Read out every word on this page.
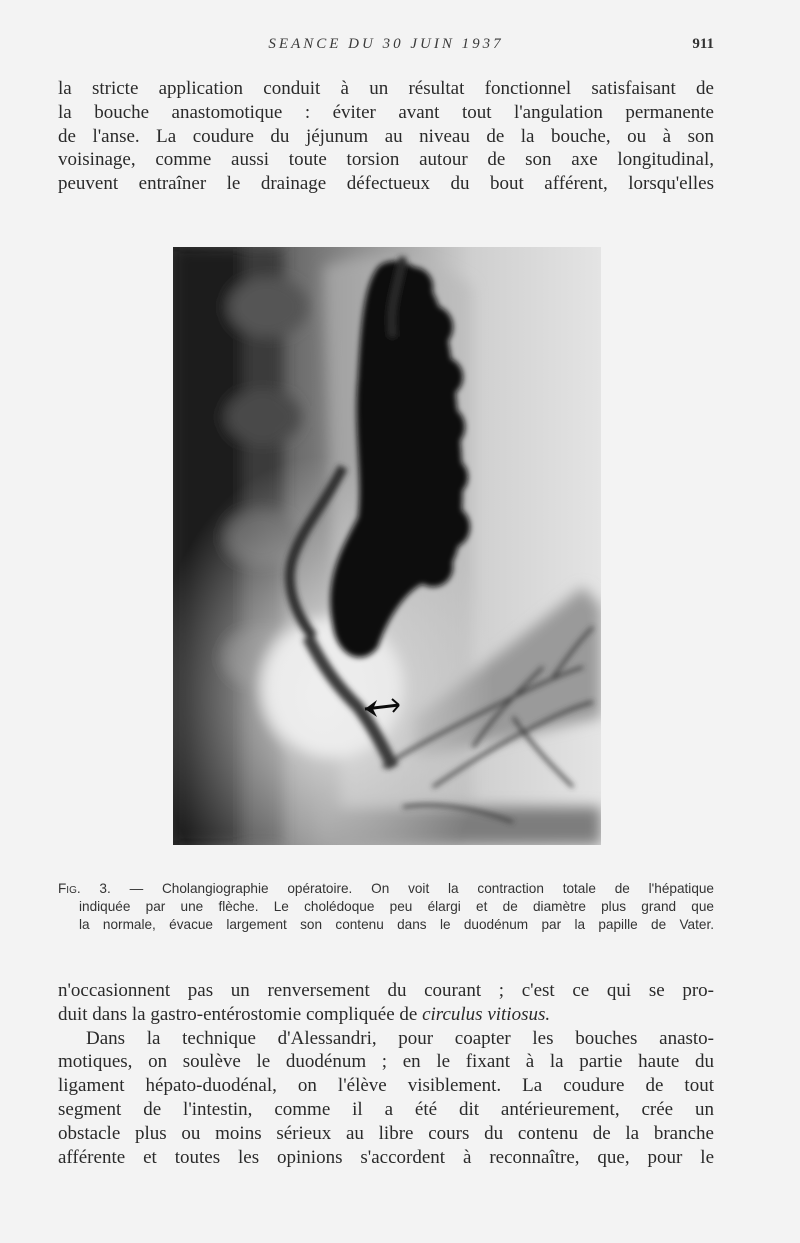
SEANCE DU 30 JUIN 1937	911
la stricte application conduit à un résultat fonctionnel satisfaisant de
la bouche anastomotique : éviter avant tout l'angulation permanente
de l'anse. La coudure du jéjunum au niveau de la bouche, ou à son
voisinage, comme aussi toute torsion autour de son axe longitudinal,
peuvent entraîner le drainage défectueux du bout afférent, lorsqu'elles
Fig. 3. — Cholangiographie opératoire. On voit la contraction totale de l'hépatique
indiquée par une flèche. Le cholédoque peu élargi et de diamètre plus grand que
la normale, évacue largement son contenu dans le duodénum par la papille de Vater.
n'occasionnent pas un renversement du courant ; c'est ce qui se pro-
duit dans la gastro-entérostomie compliquée de circulus vitiosus.
Dans la technique d'Alessandri, pour coapter les bouches anasto-
motiques, on soulève le duodénum ; en le fixant à la partie haute du
ligament hépato-duodénal, on l'élève visiblement. La coudure de tout
segment de l'intestin, comme il a été dit antérieurement, crée un
obstacle plus ou moins sérieux au libre cours du contenu de la branche
afférente et toutes les opinions s'accordent à reconnaître, que, pour le
